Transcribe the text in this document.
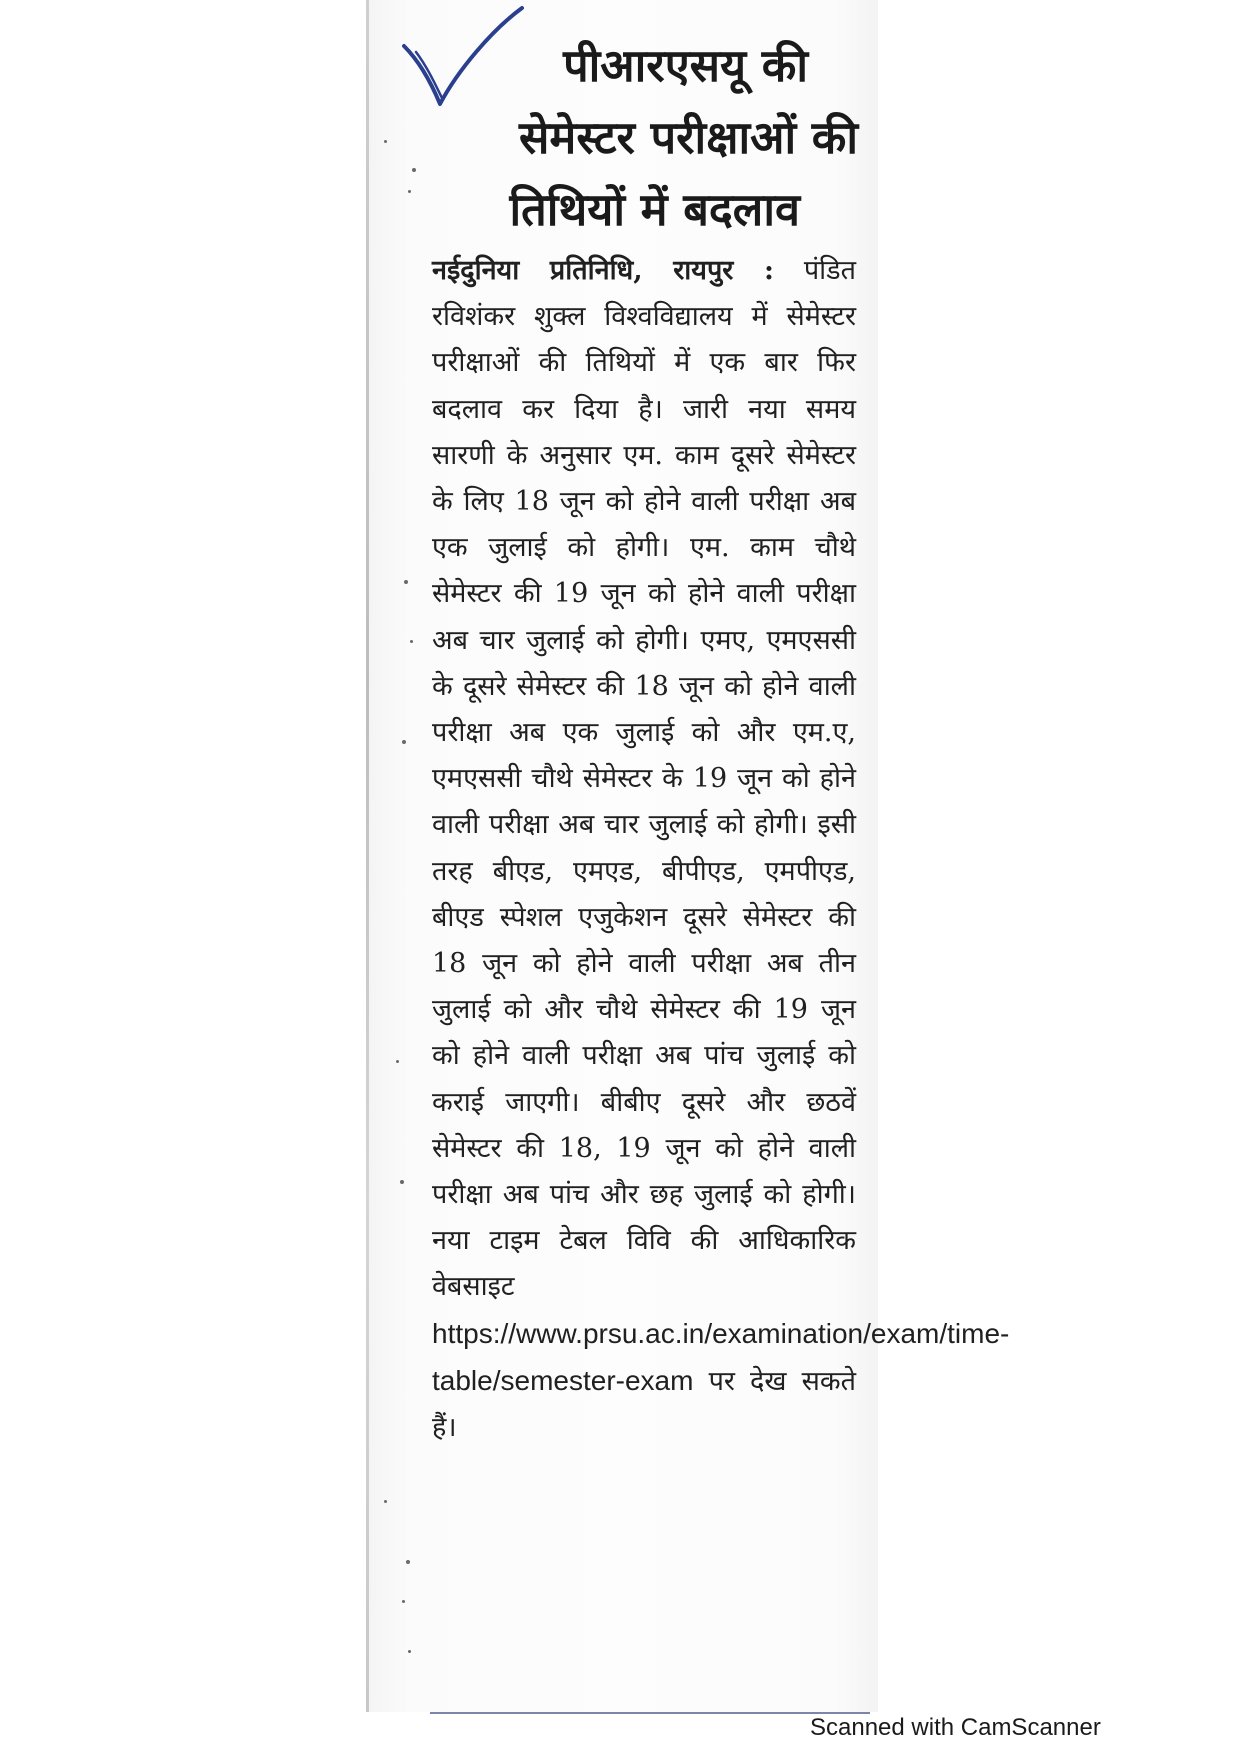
पीआरएसयू की
सेमेस्टर परीक्षाओं की
तिथियों में बदलाव

नईदुनिया प्रतिनिधि, रायपुर : पंडित रविशंकर शुक्ल विश्वविद्यालय में सेमेस्टर परीक्षाओं की तिथियों में एक बार फिर बदलाव कर दिया है। जारी नया समय सारणी के अनुसार एम. काम दूसरे सेमेस्टर के लिए 18 जून को होने वाली परीक्षा अब एक जुलाई को होगी। एम. काम चौथे सेमेस्टर की 19 जून को होने वाली परीक्षा अब चार जुलाई को होगी। एमए, एमएससी के दूसरे सेमेस्टर की 18 जून को होने वाली परीक्षा अब एक जुलाई को और एम.ए, एमएससी चौथे सेमेस्टर के 19 जून को होने वाली परीक्षा अब चार जुलाई को होगी। इसी तरह बीएड, एमएड, बीपीएड, एमपीएड, बीएड स्पेशल एजुकेशन दूसरे सेमेस्टर की 18 जून को होने वाली परीक्षा अब तीन जुलाई को और चौथे सेमेस्टर की 19 जून को होने वाली परीक्षा अब पांच जुलाई को कराई जाएगी। बीबीए दूसरे और छठवें सेमेस्टर की 18, 19 जून को होने वाली परीक्षा अब पांच और छह जुलाई को होगी। नया टाइम टेबल विवि की आधिकारिक वेबसाइट https://www.prsu.ac.in/examination/exam/time-table/semester-exam पर देख सकते हैं।

Scanned with CamScanner
